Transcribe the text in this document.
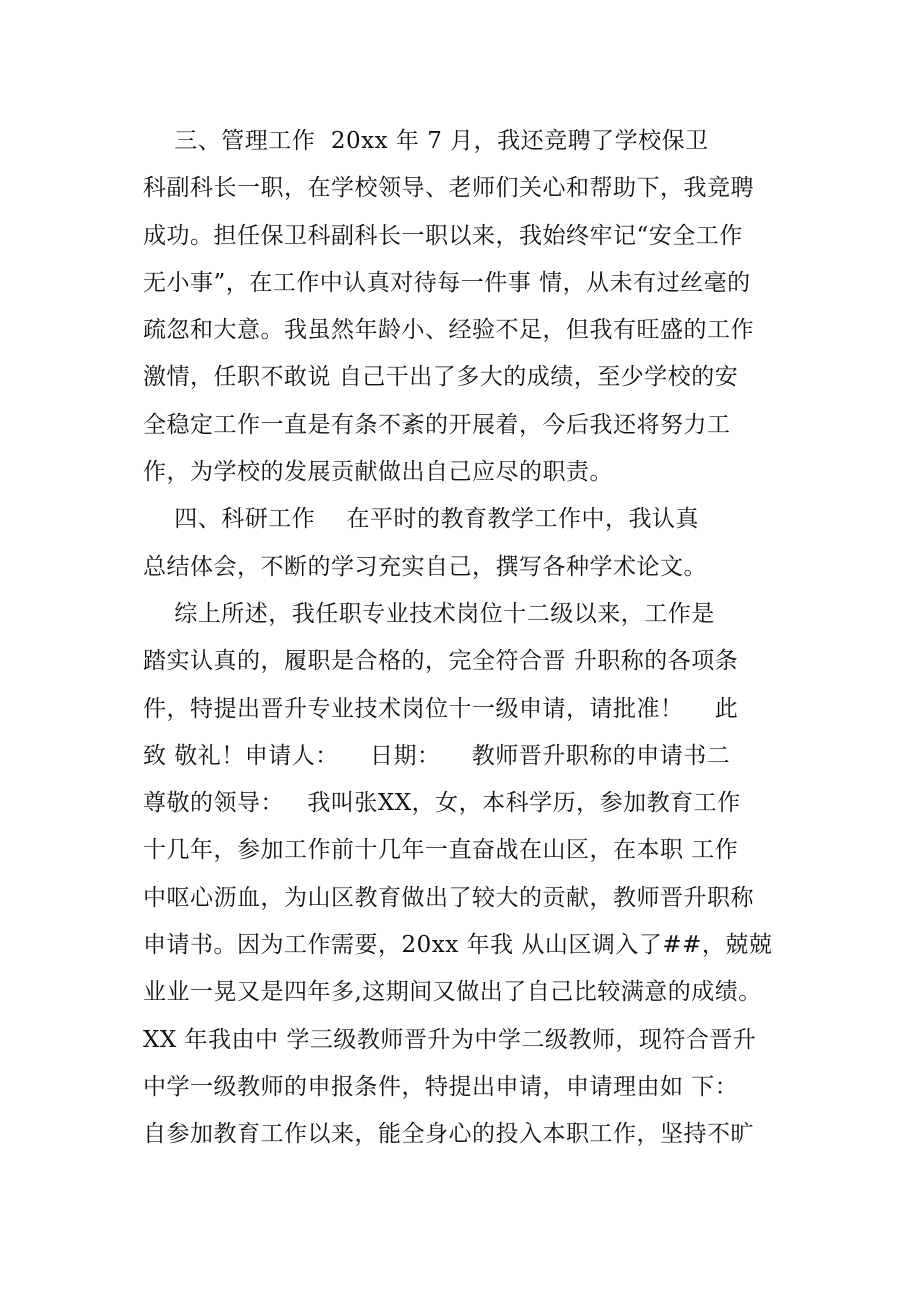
三、管理工作  20xx 年 7 月，我还竞聘了学校保卫
科副科长一职，在学校领导、老师们关心和帮助下，我竞聘
成功。担任保卫科副科长一职以来，我始终牢记“安全工作
无小事”，在工作中认真对待每一件事 情，从未有过丝毫的
疏忽和大意。我虽然年龄小、经验不足，但我有旺盛的工作
激情，任职不敢说 自己干出了多大的成绩，至少学校的安
全稳定工作一直是有条不紊的开展着，今后我还将努力工
作，为学校的发展贡献做出自己应尽的职责。
四、科研工作    在平时的教育教学工作中，我认真
总结体会，不断的学习充实自己，撰写各种学术论文。
综上所述，我任职专业技术岗位十二级以来，工作是
踏实认真的，履职是合格的，完全符合晋 升职称的各项条
件，特提出晋升专业技术岗位十一级申请，请批准！    此
致 敬礼！申请人：    日期：    教师晋升职称的申请书二
尊敬的领导：   我叫张XX，女，本科学历，参加教育工作
十几年，参加工作前十几年一直奋战在山区，在本职 工作
中呕心沥血，为山区教育做出了较大的贡献，教师晋升职称
申请书。因为工作需要，20xx 年我 从山区调入了##，兢兢
业业一晃又是四年多,这期间又做出了自己比较满意的成绩。
XX 年我由中 学三级教师晋升为中学二级教师，现符合晋升
中学一级教师的申报条件，特提出申请，申请理由如 下：
自参加教育工作以来，能全身心的投入本职工作，坚持不旷
